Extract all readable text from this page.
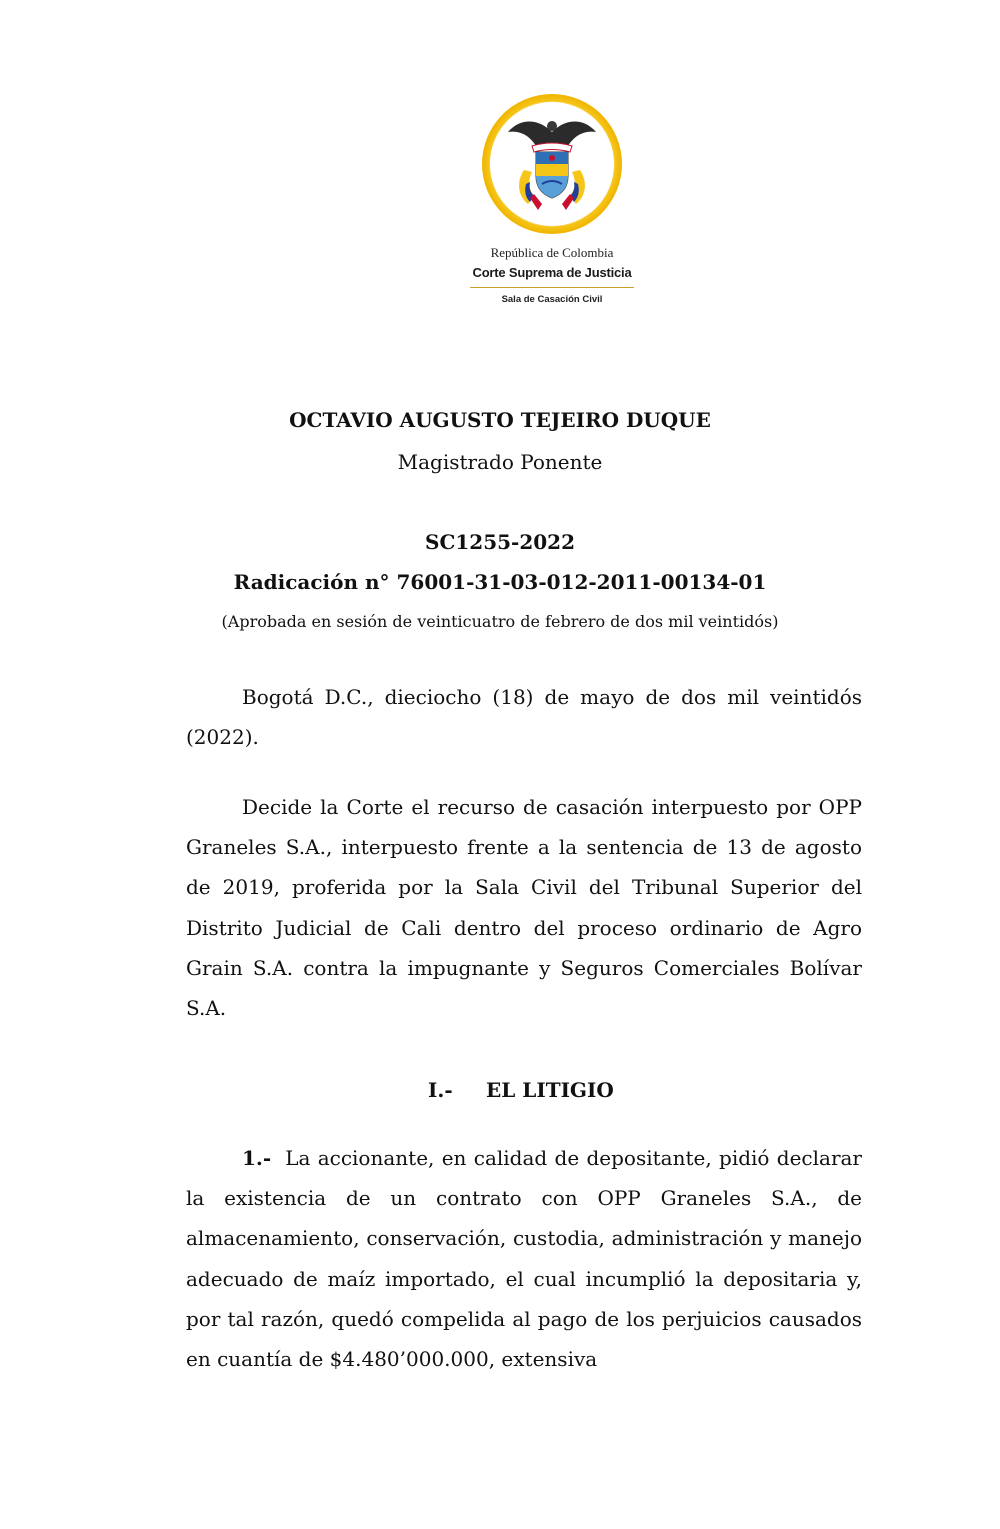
República de Colombia
Corte Suprema de Justicia
Sala de Casación Civil
OCTAVIO AUGUSTO TEJEIRO DUQUE
Magistrado Ponente
SC1255-2022
Radicación n° 76001-31-03-012-2011-00134-01
(Aprobada en sesión de veinticuatro de febrero de dos mil veintidós)

Bogotá D.C., dieciocho (18) de mayo de dos mil veintidós (2022).

Decide la Corte el recurso de casación interpuesto por OPP Graneles S.A., interpuesto frente a la sentencia de 13 de agosto de 2019, proferida por la Sala Civil del Tribunal Superior del Distrito Judicial de Cali dentro del proceso ordinario de Agro Grain S.A. contra la impugnante y Seguros Comerciales Bolívar S.A.

I.- EL LITIGIO

1.- La accionante, en calidad de depositante, pidió declarar la existencia de un contrato con OPP Graneles S.A., de almacenamiento, conservación, custodia, administración y manejo adecuado de maíz importado, el cual incumplió la depositaria y, por tal razón, quedó compelida al pago de los perjuicios causados en cuantía de $4.480’000.000, extensiva
